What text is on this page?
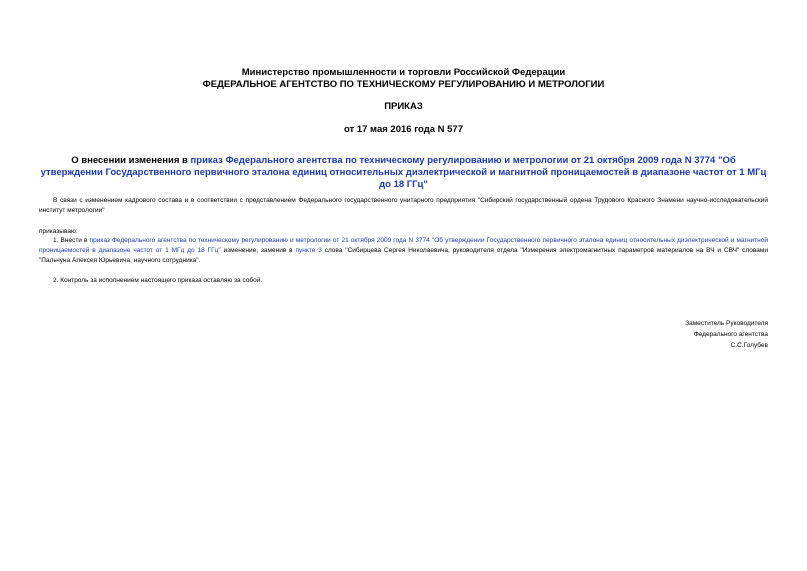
Министерство промышленности и торговли Российской Федерации
ФЕДЕРАЛЬНОЕ АГЕНТСТВО ПО ТЕХНИЧЕСКОМУ РЕГУЛИРОВАНИЮ И МЕТРОЛОГИИ
ПРИКАЗ
от 17 мая 2016 года N 577
О внесении изменения в приказ Федерального агентства по техническому регулированию и метрологии от 21 октября 2009 года N 3774 "Об утверждении Государственного первичного эталона единиц относительных диэлектрической и магнитной проницаемостей в диапазоне частот от 1 МГц до 18 ГГц"
В связи с изменением кадрового состава и в соответствии с представлением Федерального государственного унитарного предприятия "Сибирский государственный ордена Трудового Красного Знамени научно-исследовательский институт метрологии"
приказываю:
1. Внести в приказ Федерального агентства по техническому регулированию и метрологии от 21 октября 2009 года N 3774 "Об утверждении Государственного первичного эталона единиц относительных диэлектрической и магнитной проницаемостей в диапазоне частот от 1 МГц до 18 ГГц" изменение, заменив в пункте 3 слова "Сибирцева Сергея Николаевича, руководителя отдела "Измерения электромагнитных параметров материалов на ВЧ и СВЧ" словами "Пальчуна Алексея Юрьевича, научного сотрудника".
2. Контроль за исполнением настоящего приказа оставляю за собой.
Заместитель Руководителя
Федерального агентства
С.С.Голубев
